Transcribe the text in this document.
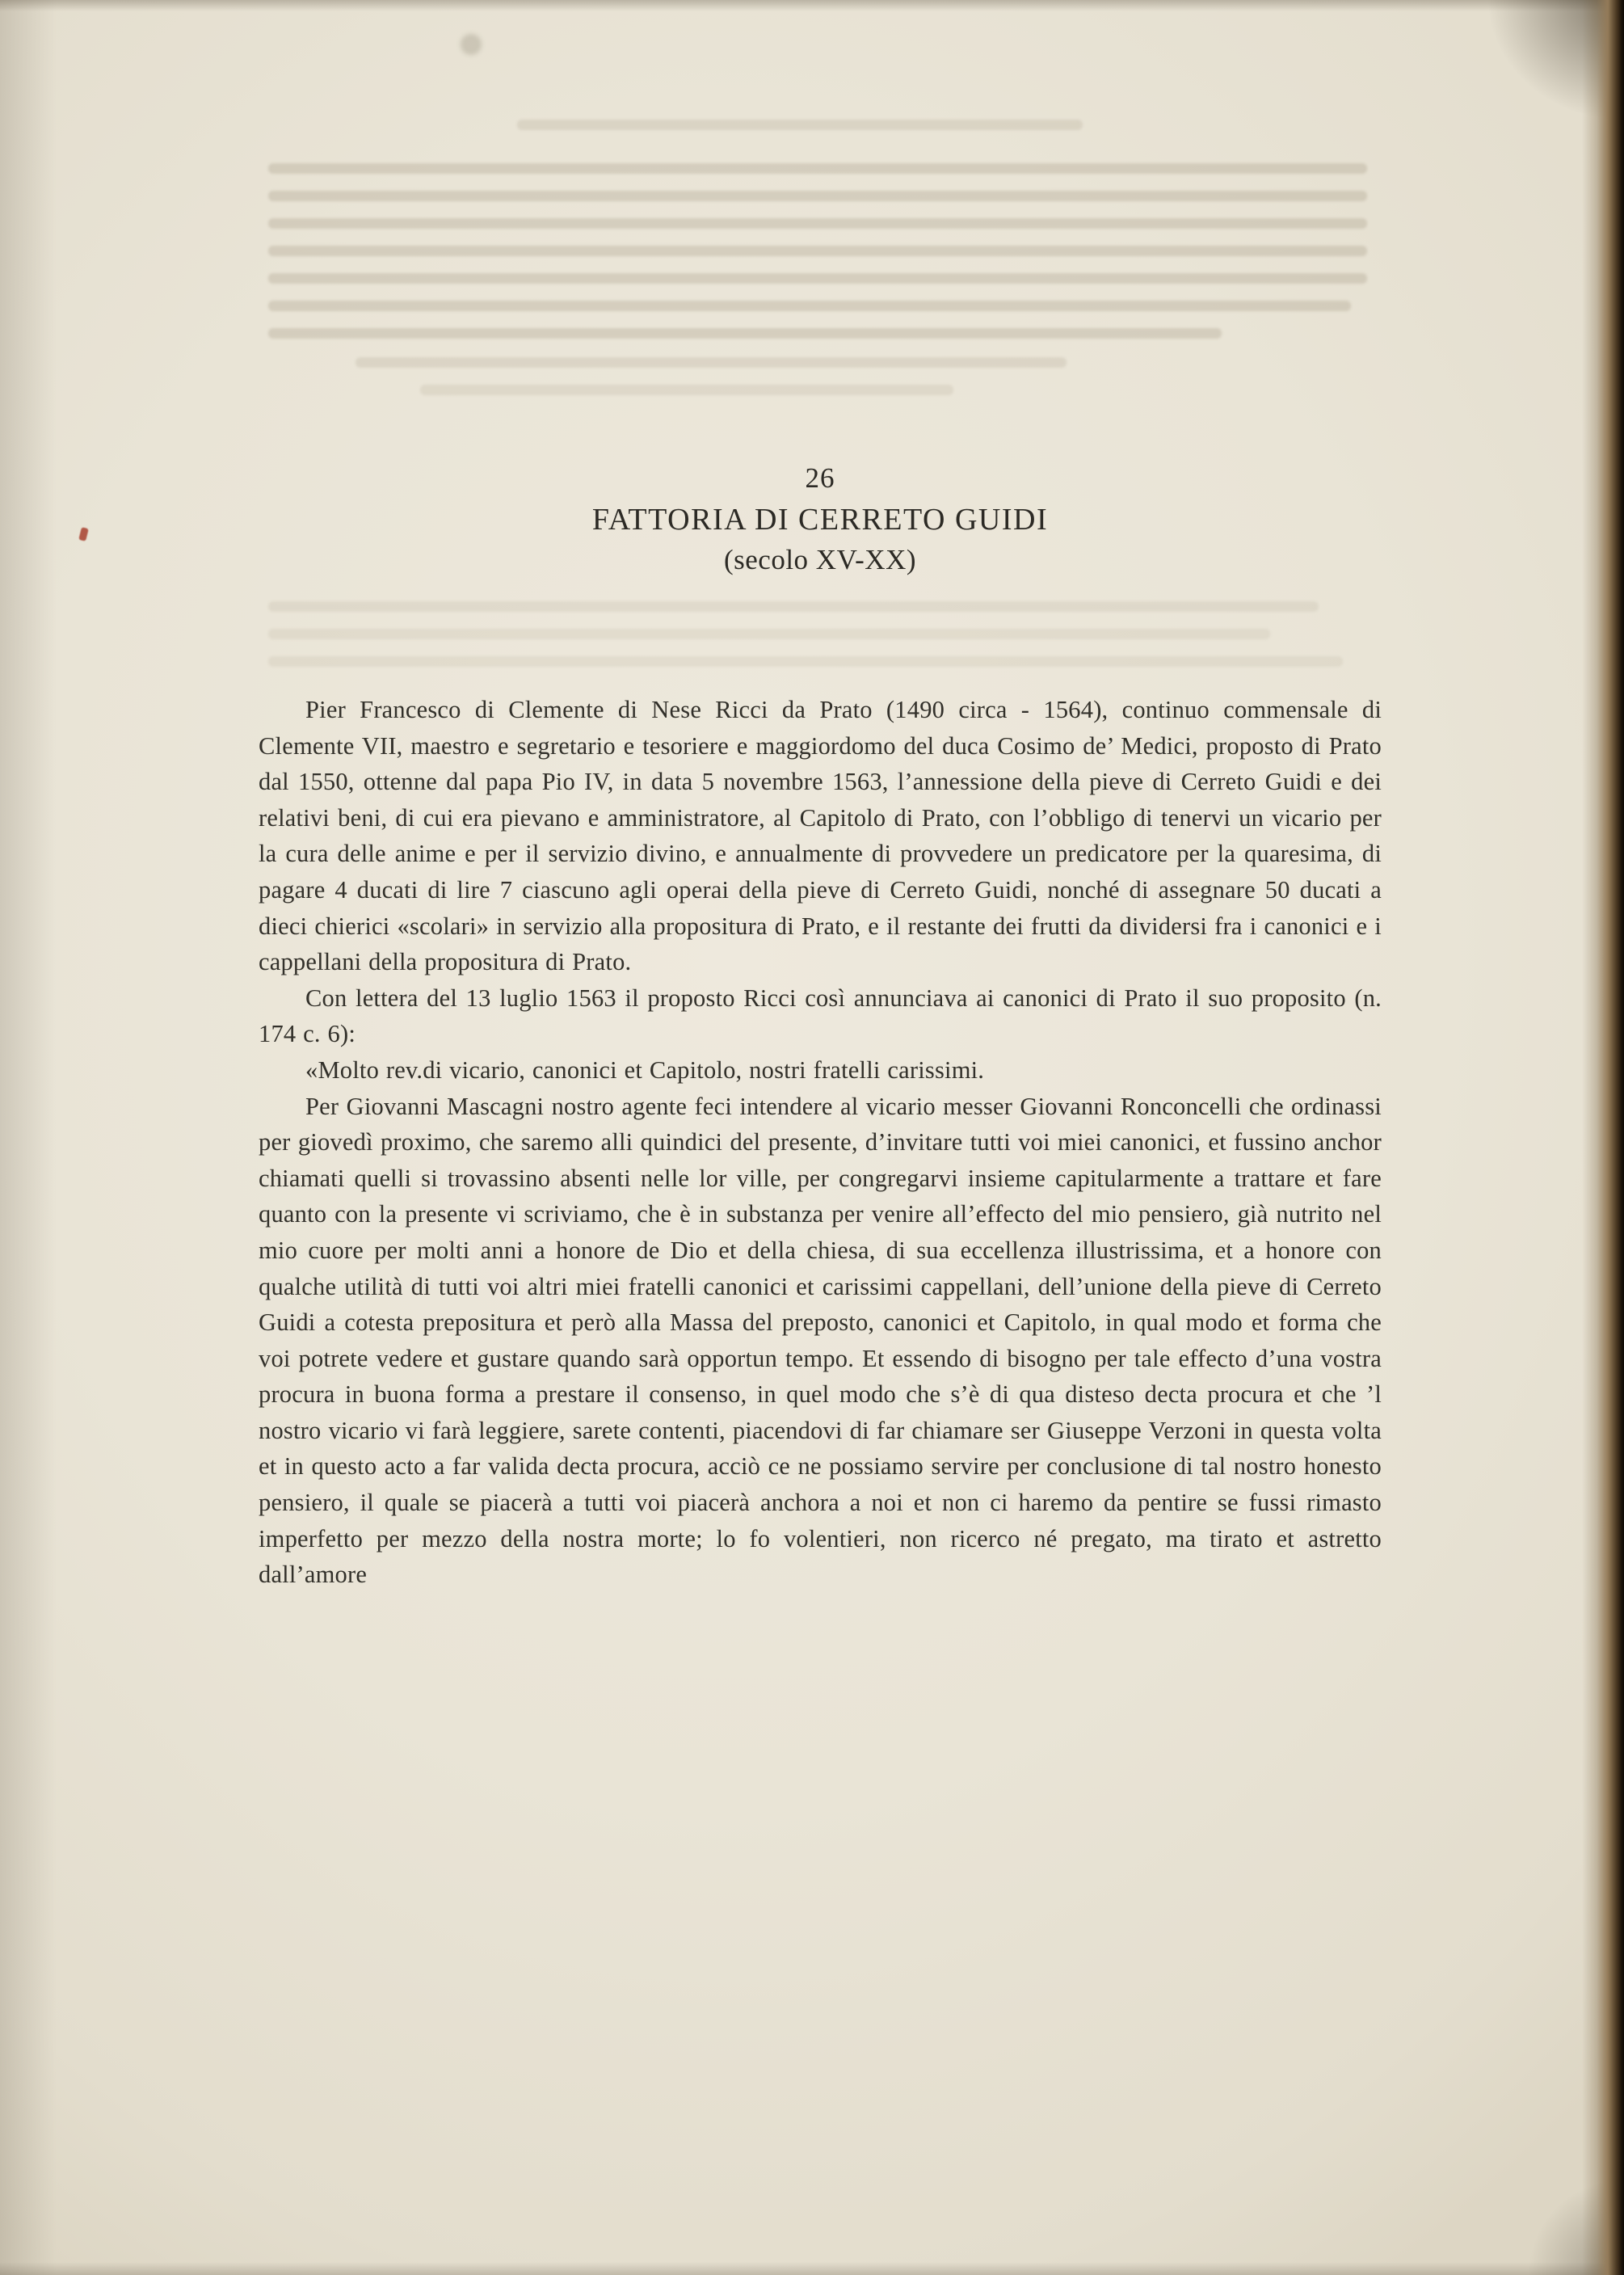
26
FATTORIA DI CERRETO GUIDI
(secolo XV-XX)

Pier Francesco di Clemente di Nese Ricci da Prato (1490 circa - 1564), continuo commensale di Clemente VII, maestro e segretario e tesoriere e maggiordomo del duca Cosimo de’ Medici, proposto di Prato dal 1550, ottenne dal papa Pio IV, in data 5 novembre 1563, l’annessione della pieve di Cerreto Guidi e dei relativi beni, di cui era pievano e amministratore, al Capitolo di Prato, con l’obbligo di tenervi un vicario per la cura delle anime e per il servizio divino, e annualmente di provvedere un predicatore per la quaresima, di pagare 4 ducati di lire 7 ciascuno agli operai della pieve di Cerreto Guidi, nonché di assegnare 50 ducati a dieci chierici «scolari» in servizio alla propositura di Prato, e il restante dei frutti da dividersi fra i canonici e i cappellani della propositura di Prato.

Con lettera del 13 luglio 1563 il proposto Ricci così annunciava ai canonici di Prato il suo proposito (n. 174 c. 6):

«Molto rev.di vicario, canonici et Capitolo, nostri fratelli carissimi.

Per Giovanni Mascagni nostro agente feci intendere al vicario messer Giovanni Ronconcelli che ordinassi per giovedì proximo, che saremo alli quindici del presente, d’invitare tutti voi miei canonici, et fussino anchor chiamati quelli si trovassino absenti nelle lor ville, per congregarvi insieme capitularmente a trattare et fare quanto con la presente vi scriviamo, che è in substanza per venire all’effecto del mio pensiero, già nutrito nel mio cuore per molti anni a honore de Dio et della chiesa, di sua eccellenza illustrissima, et a honore con qualche utilità di tutti voi altri miei fratelli canonici et carissimi cappellani, dell’unione della pieve di Cerreto Guidi a cotesta prepositura et però alla Massa del preposto, canonici et Capitolo, in qual modo et forma che voi potrete vedere et gustare quando sarà opportun tempo. Et essendo di bisogno per tale effecto d’una vostra procura in buona forma a prestare il consenso, in quel modo che s’è di qua disteso decta procura et che ’l nostro vicario vi farà leggiere, sarete contenti, piacendovi di far chiamare ser Giuseppe Verzoni in questa volta et in questo acto a far valida decta procura, acciò ce ne possiamo servire per conclusione di tal nostro honesto pensiero, il quale se piacerà a tutti voi piacerà anchora a noi et non ci haremo da pentire se fussi rimasto imperfetto per mezzo della nostra morte; lo fo volentieri, non ricerco né pregato, ma tirato et astretto dall’amore
